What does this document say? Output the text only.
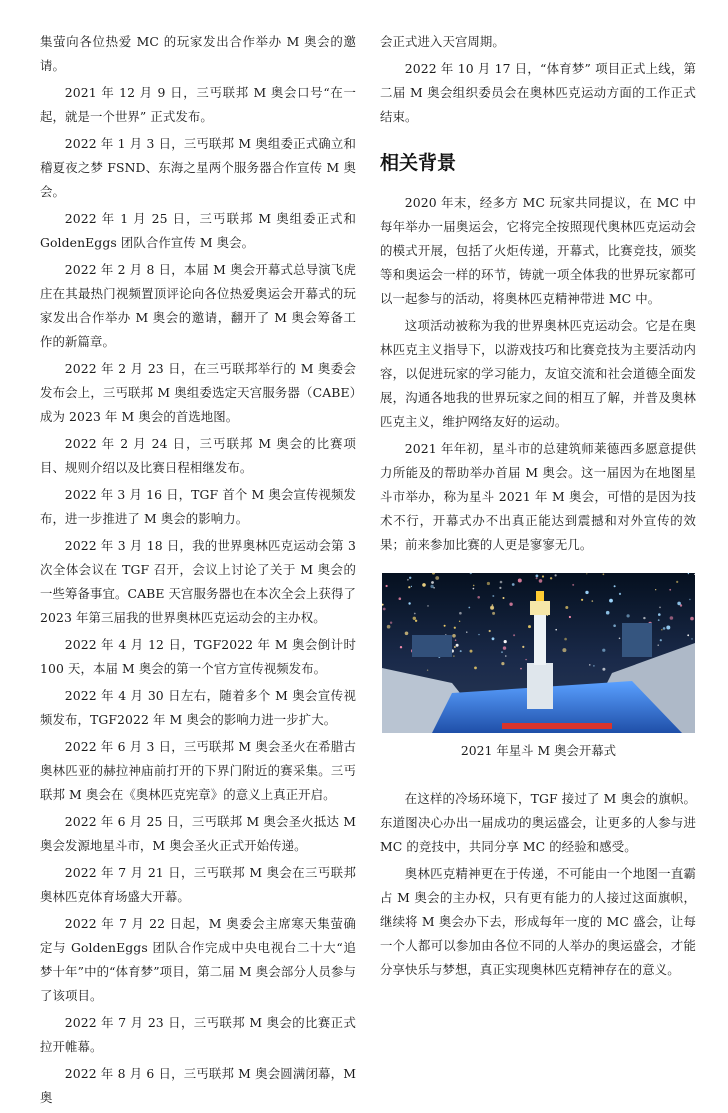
集萤向各位热爱 MC 的玩家发出合作举办 M 奥会的邀请。

2021 年 12 月 9 日，三丐联邦 M 奥会口号“在一起，就是一个世界” 正式发布。

2022 年 1 月 3 日，三丐联邦 M 奥组委正式确立和稽夏夜之梦 FSND、东海之星两个服务器合作宣传 M 奥会。

2022 年 1 月 25 日，三丐联邦 M 奥组委正式和 GoldenEggs 团队合作宣传 M 奥会。

2022 年 2 月 8 日，本届 M 奥会开幕式总导演飞虎庄在其最热门视频置顶评论向各位热爱奥运会开幕式的玩家发出合作举办 M 奥会的邀请，翻开了 M 奥会筹备工作的新篇章。

2022 年 2 月 23 日，在三丐联邦举行的 M 奥委会发布会上，三丐联邦 M 奥组委选定天宫服务器（CABE）成为 2023 年 M 奥会的首选地图。

2022 年 2 月 24 日，三丐联邦 M 奥会的比赛项目、规则介绍以及比赛日程相继发布。

2022 年 3 月 16 日，TGF 首个 M 奥会宣传视频发布，进一步推进了 M 奥会的影响力。

2022 年 3 月 18 日，我的世界奥林匹克运动会第 3 次全体会议在 TGF 召开，会议上讨论了关于 M 奥会的一些筹备事宜。CABE 天宫服务器也在本次全会上获得了 2023 年第三届我的世界奥林匹克运动会的主办权。

2022 年 4 月 12 日，TGF2022 年 M 奥会倒计时 100 天，本届 M 奥会的第一个官方宣传视频发布。

2022 年 4 月 30 日左右，随着多个 M 奥会宣传视频发布，TGF2022 年 M 奥会的影响力进一步扩大。

2022 年 6 月 3 日，三丐联邦 M 奥会圣火在希腊古奥林匹亚的赫拉神庙前打开的下界门附近的赛采集。三丐联邦 M 奥会在《奥林匹克宪章》的意义上真正开启。

2022 年 6 月 25 日，三丐联邦 M 奥会圣火抵达 M 奥会发源地星斗市，M 奥会圣火正式开始传递。

2022 年 7 月 21 日，三丐联邦 M 奥会在三丐联邦奥林匹克体育场盛大开幕。

2022 年 7 月 22 日起，M 奥委会主席寒天集萤确定与 GoldenEggs 团队合作完成中央电视台二十大“追梦十年”中的“体育梦”项目，第二届 M 奥会部分人员参与了该项目。

2022 年 7 月 23 日，三丐联邦 M 奥会的比赛正式拉开帷幕。

2022 年 8 月 6 日，三丐联邦 M 奥会圆满闭幕，M 奥

会正式进入天宫周期。

2022 年 10 月 17 日，“体育梦” 项目正式上线，第二届 M 奥会组织委员会在奥林匹克运动方面的工作正式结束。

相关背景

2020 年末，经多方 MC 玩家共同提议，在 MC 中每年举办一届奥运会，它将完全按照现代奥林匹克运动会的模式开展，包括了火炬传递，开幕式，比赛竞技，颁奖等和奥运会一样的环节，铸就一项全体我的世界玩家都可以一起参与的活动，将奥林匹克精神带进 MC 中。

这项活动被称为我的世界奥林匹克运动会。它是在奥林匹克主义指导下，以游戏技巧和比赛竞技为主要活动内容，以促进玩家的学习能力，友谊交流和社会道德全面发展，沟通各地我的世界玩家之间的相互了解，并普及奥林匹克主义，维护网络友好的运动。

2021 年年初，星斗市的总建筑师莱德西多愿意提供力所能及的帮助举办首届 M 奥会。这一届因为在地图星斗市举办，称为星斗 2021 年 M 奥会，可惜的是因为技术不行，开幕式办不出真正能达到震撼和对外宣传的效果；前来参加比赛的人更是寥寥无几。

2021 年星斗 M 奥会开幕式

在这样的冷场环境下，TGF 接过了 M 奥会的旗帜。东道图决心办出一届成功的奥运盛会，让更多的人参与进 MC 的竞技中，共同分享 MC 的经验和感受。

奥林匹克精神更在于传递，不可能由一个地图一直霸占 M 奥会的主办权，只有更有能力的人接过这面旗帜，继续将 M 奥会办下去，形成每年一度的 MC 盛会，让每一个人都可以参加由各位不同的人举办的奥运盛会，才能分享快乐与梦想，真正实现奥林匹克精神存在的意义。
